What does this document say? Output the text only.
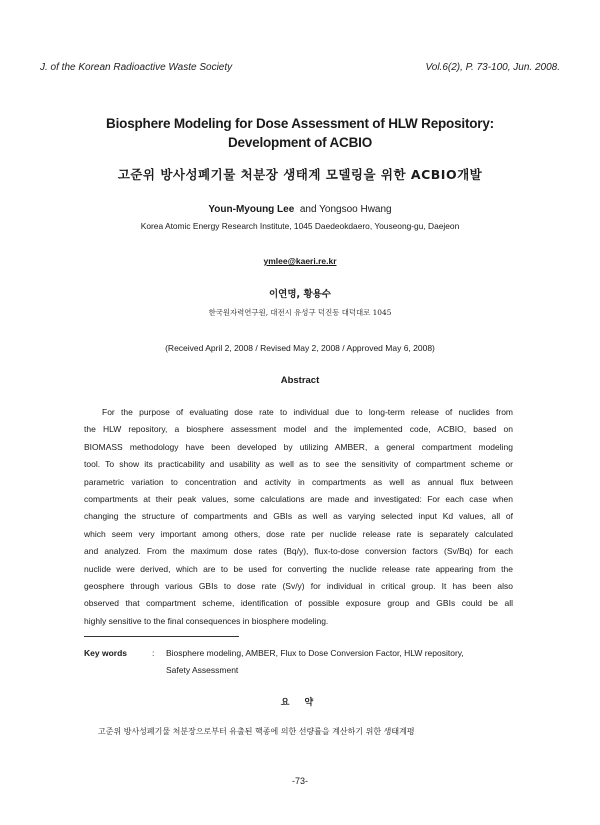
J. of the Korean Radioactive Waste Society	Vol.6(2), P. 73-100, Jun. 2008.
Biosphere Modeling for Dose Assessment of HLW Repository:
Development of ACBIO
고준위 방사성폐기물 처분장 생태계 모델링을 위한 ACBIO개발
Youn-Myoung Lee and Yongsoo Hwang
Korea Atomic Energy Research Institute, 1045 Daedeokdaero, Youseong-gu, Daejeon
ymlee@kaeri.re.kr
이연명, 황용수
한국원자력연구원, 대전시 유성구 덕진동 대덕대로 1045
(Received April 2, 2008 / Revised May 2, 2008 / Approved May 6, 2008)
Abstract
For the purpose of evaluating dose rate to individual due to long-term release of nuclides from
the HLW repository, a biosphere assessment model and the implemented code, ACBIO, based on
BIOMASS methodology have been developed by utilizing AMBER, a general compartment modeling
tool. To show its practicability and usability as well as to see the sensitivity of compartment scheme or
parametric variation to concentration and activity in compartments as well as annual flux between
compartments at their peak values, some calculations are made and investigated: For each case when
changing the structure of compartments and GBIs as well as varying selected input Kd values, all of
which seem very important among others, dose rate per nuclide release rate is separately calculated
and analyzed. From the maximum dose rates (Bq/y), flux-to-dose conversion factors (Sv/Bq) for each
nuclide were derived, which are to be used for converting the nuclide release rate appearing from the
geosphere through various GBIs to dose rate (Sv/y) for individual in critical group. It has been also
observed that compartment scheme, identification of possible exposure group and GBIs could be all
highly sensitive to the final consequences in biosphere modeling.
Key words	:	Biosphere modeling, AMBER, Flux to Dose Conversion Factor, HLW repository,
Safety Assessment
요 약
고준위 방사성폐기물 처분장으로부터 유출된 핵종에 의한 선량률을 계산하기 위한 생태계평
-73-
